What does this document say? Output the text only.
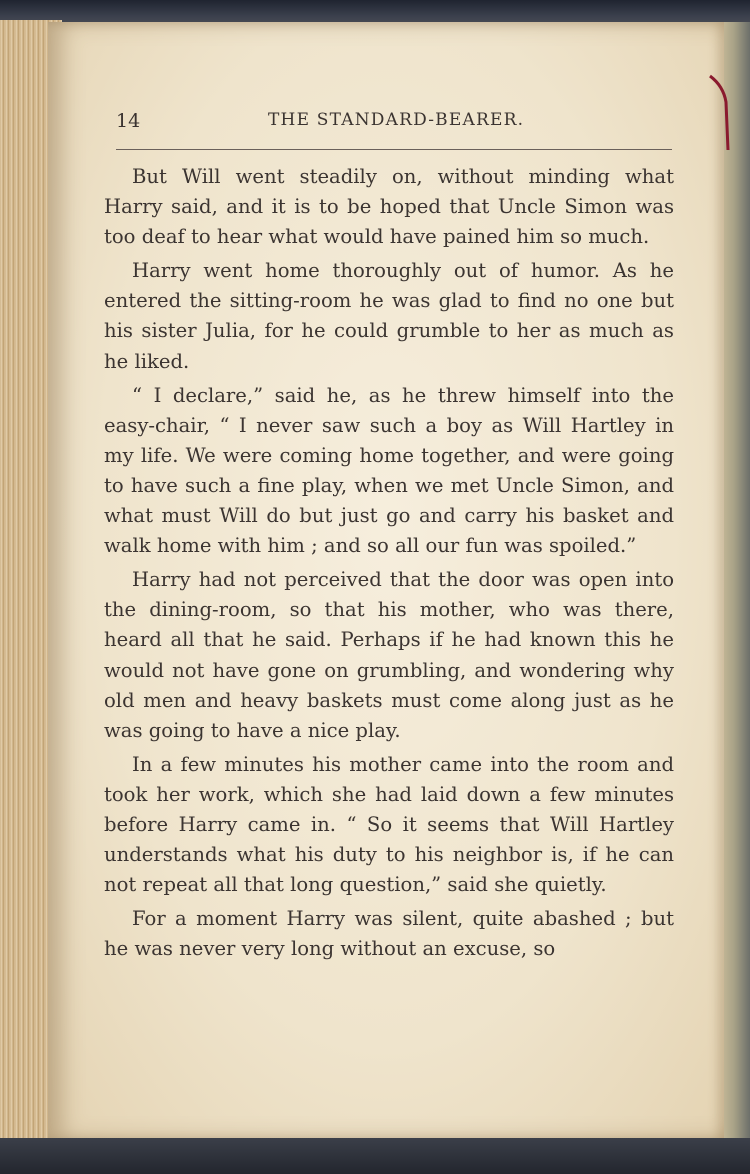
14	THE STANDARD-BEARER.

But Will went steadily on, without minding what Harry said, and it is to be hoped that Uncle Simon was too deaf to hear what would have pained him so much.

Harry went home thoroughly out of humor. As he entered the sitting-room he was glad to find no one but his sister Julia, for he could grumble to her as much as he liked.

“ I declare,” said he, as he threw himself into the easy-chair, “ I never saw such a boy as Will Hartley in my life. We were coming home together, and were going to have such a fine play, when we met Uncle Simon, and what must Will do but just go and carry his basket and walk home with him ; and so all our fun was spoiled.”

Harry had not perceived that the door was open into the dining-room, so that his mother, who was there, heard all that he said. Perhaps if he had known this he would not have gone on grumbling, and wondering why old men and heavy baskets must come along just as he was going to have a nice play.

In a few minutes his mother came into the room and took her work, which she had laid down a few minutes before Harry came in. “ So it seems that Will Hartley understands what his duty to his neighbor is, if he can not repeat all that long question,” said she quietly.

For a moment Harry was silent, quite abashed ; but he was never very long without an excuse, so
